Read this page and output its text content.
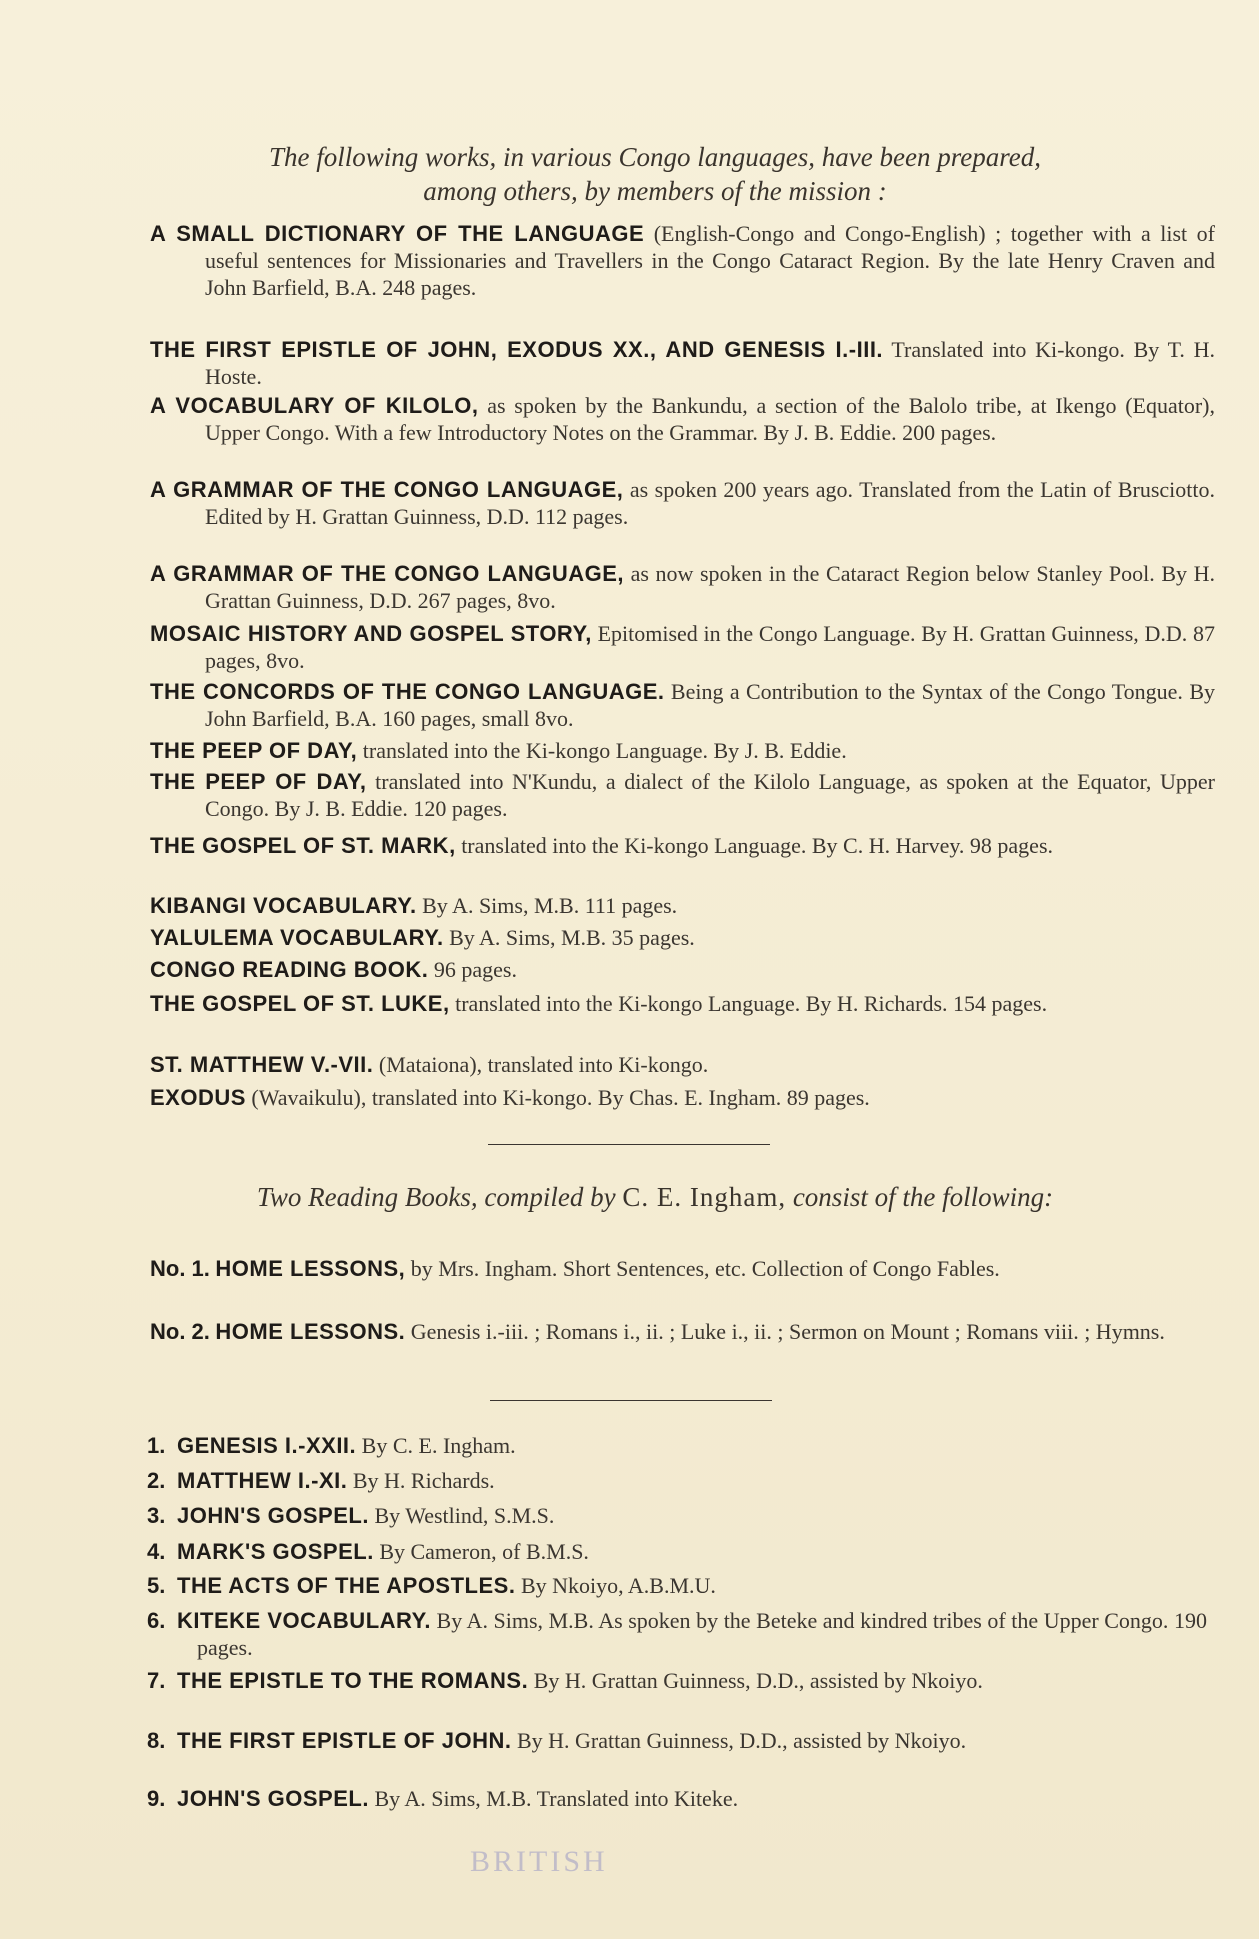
The following works, in various Congo languages, have been prepared,
among others, by members of the mission :
A SMALL DICTIONARY OF THE LANGUAGE (English-Congo and Congo-English) ; together with a list of useful sentences for Missionaries and Travellers in the Congo Cataract Region. By the late Henry Craven and John Barfield, B.A. 248 pages.
THE FIRST EPISTLE OF JOHN, EXODUS XX., AND GENESIS I.-III. Translated into Ki-kongo. By T. H. Hoste.
A VOCABULARY OF KILOLO, as spoken by the Bankundu, a section of the Balolo tribe, at Ikengo (Equator), Upper Congo. With a few Introductory Notes on the Grammar. By J. B. Eddie. 200 pages.
A GRAMMAR OF THE CONGO LANGUAGE, as spoken 200 years ago. Translated from the Latin of Brusciotto. Edited by H. Grattan Guinness, D.D. 112 pages.
A GRAMMAR OF THE CONGO LANGUAGE, as now spoken in the Cataract Region below Stanley Pool. By H. Grattan Guinness, D.D. 267 pages, 8vo.
MOSAIC HISTORY AND GOSPEL STORY, Epitomised in the Congo Language. By H. Grattan Guinness, D.D. 87 pages, 8vo.
THE CONCORDS OF THE CONGO LANGUAGE. Being a Contribution to the Syntax of the Congo Tongue. By John Barfield, B.A. 160 pages, small 8vo.
THE PEEP OF DAY, translated into the Ki-kongo Language. By J. B. Eddie.
THE PEEP OF DAY, translated into N'Kundu, a dialect of the Kilolo Language, as spoken at the Equator, Upper Congo. By J. B. Eddie. 120 pages.
THE GOSPEL OF ST. MARK, translated into the Ki-kongo Language. By C. H. Harvey. 98 pages.
KIBANGI VOCABULARY. By A. Sims, M.B. 111 pages.
YALULEMA VOCABULARY. By A. Sims, M.B. 35 pages.
CONGO READING BOOK. 96 pages.
THE GOSPEL OF ST. LUKE, translated into the Ki-kongo Language. By H. Richards. 154 pages.
ST. MATTHEW V.-VII. (Mataiona), translated into Ki-kongo.
EXODUS (Wavaikulu), translated into Ki-kongo. By Chas. E. Ingham. 89 pages.
Two Reading Books, compiled by C. E. Ingham, consist of the following:
No. 1. HOME LESSONS, by Mrs. Ingham. Short Sentences, etc. Collection of Congo Fables.
No. 2. HOME LESSONS. Genesis i.-iii. ; Romans i., ii. ; Luke i., ii. ; Sermon on Mount ; Romans viii. ; Hymns.
1. GENESIS I.-XXII. By C. E. Ingham.
2. MATTHEW I.-XI. By H. Richards.
3. JOHN'S GOSPEL. By Westlind, S.M.S.
4. MARK'S GOSPEL. By Cameron, of B.M.S.
5. THE ACTS OF THE APOSTLES. By Nkoiyo, A.B.M.U.
6. KITEKE VOCABULARY. By A. Sims, M.B. As spoken by the Beteke and kindred tribes of the Upper Congo. 190 pages.
7. THE EPISTLE TO THE ROMANS. By H. Grattan Guinness, D.D., assisted by Nkoiyo.
8. THE FIRST EPISTLE OF JOHN. By H. Grattan Guinness, D.D., assisted by Nkoiyo.
9. JOHN'S GOSPEL. By A. Sims, M.B. Translated into Kiteke.
BRITISH
